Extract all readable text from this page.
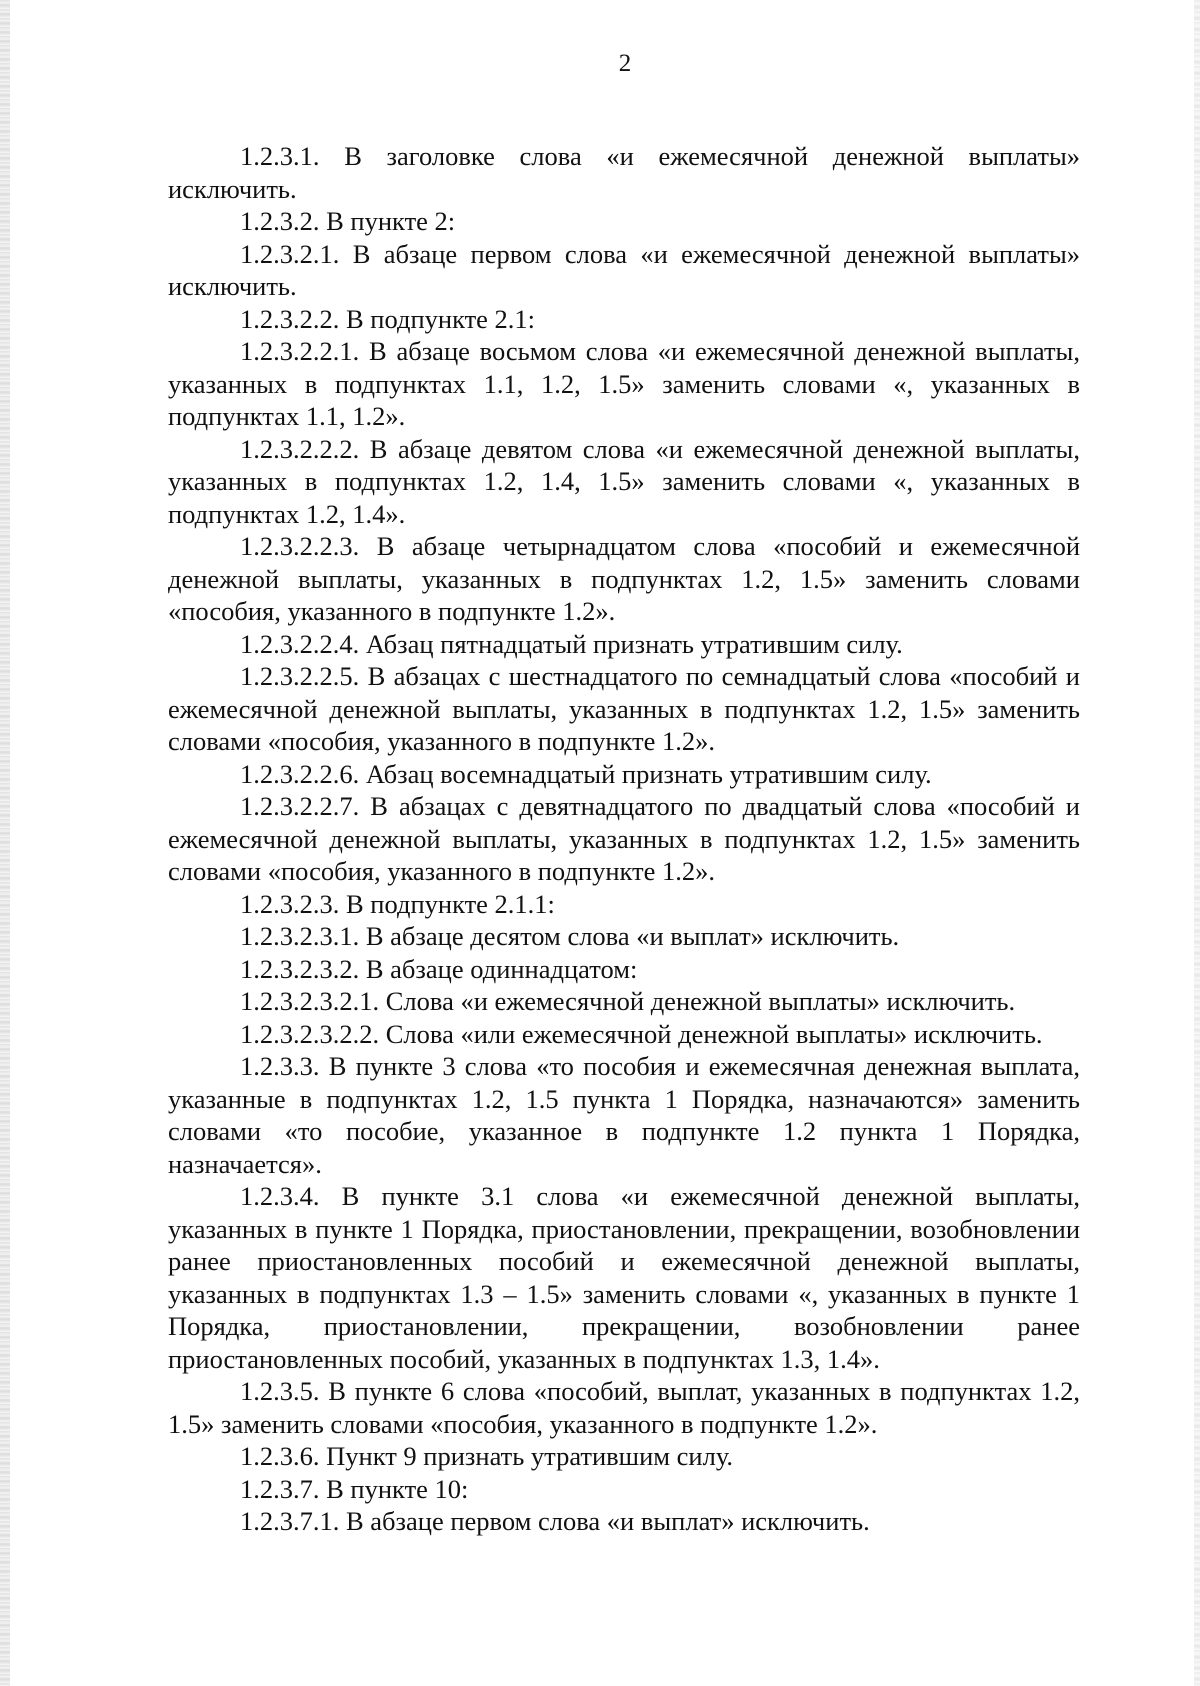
2

1.2.3.1. В заголовке слова «и ежемесячной денежной выплаты» исключить.

1.2.3.2. В пункте 2:

1.2.3.2.1. В абзаце первом слова «и ежемесячной денежной выплаты» исключить.

1.2.3.2.2. В подпункте 2.1:

1.2.3.2.2.1. В абзаце восьмом слова «и ежемесячной денежной выплаты, указанных в подпунктах 1.1, 1.2, 1.5» заменить словами «, указанных в подпунктах 1.1, 1.2».

1.2.3.2.2.2. В абзаце девятом слова «и ежемесячной денежной выплаты, указанных в подпунктах 1.2, 1.4, 1.5» заменить словами «, указанных в подпунктах 1.2, 1.4».

1.2.3.2.2.3. В абзаце четырнадцатом слова «пособий и ежемесячной денежной выплаты, указанных в подпунктах 1.2, 1.5» заменить словами «пособия, указанного в подпункте 1.2».

1.2.3.2.2.4. Абзац пятнадцатый признать утратившим силу.

1.2.3.2.2.5. В абзацах с шестнадцатого по семнадцатый слова «пособий и ежемесячной денежной выплаты, указанных в подпунктах 1.2, 1.5» заменить словами «пособия, указанного в подпункте 1.2».

1.2.3.2.2.6. Абзац восемнадцатый признать утратившим силу.

1.2.3.2.2.7. В абзацах с девятнадцатого по двадцатый слова «пособий и ежемесячной денежной выплаты, указанных в подпунктах 1.2, 1.5» заменить словами «пособия, указанного в подпункте 1.2».

1.2.3.2.3. В подпункте 2.1.1:

1.2.3.2.3.1. В абзаце десятом слова «и выплат» исключить.

1.2.3.2.3.2. В абзаце одиннадцатом:

1.2.3.2.3.2.1. Слова «и ежемесячной денежной выплаты» исключить.

1.2.3.2.3.2.2. Слова «или ежемесячной денежной выплаты» исключить.

1.2.3.3. В пункте 3 слова «то пособия и ежемесячная денежная выплата, указанные в подпунктах 1.2, 1.5 пункта 1 Порядка, назначаются» заменить словами «то пособие, указанное в подпункте 1.2 пункта 1 Порядка, назначается».

1.2.3.4. В пункте 3.1 слова «и ежемесячной денежной выплаты, указанных в пункте 1 Порядка, приостановлении, прекращении, возобновлении ранее приостановленных пособий и ежемесячной денежной выплаты, указанных в подпунктах 1.3 – 1.5» заменить словами «, указанных в пункте 1 Порядка, приостановлении, прекращении, возобновлении ранее приостановленных пособий, указанных в подпунктах 1.3, 1.4».

1.2.3.5. В пункте 6 слова «пособий, выплат, указанных в подпунктах 1.2, 1.5» заменить словами «пособия, указанного в подпункте 1.2».

1.2.3.6. Пункт 9 признать утратившим силу.

1.2.3.7. В пункте 10:

1.2.3.7.1. В абзаце первом слова «и выплат» исключить.
